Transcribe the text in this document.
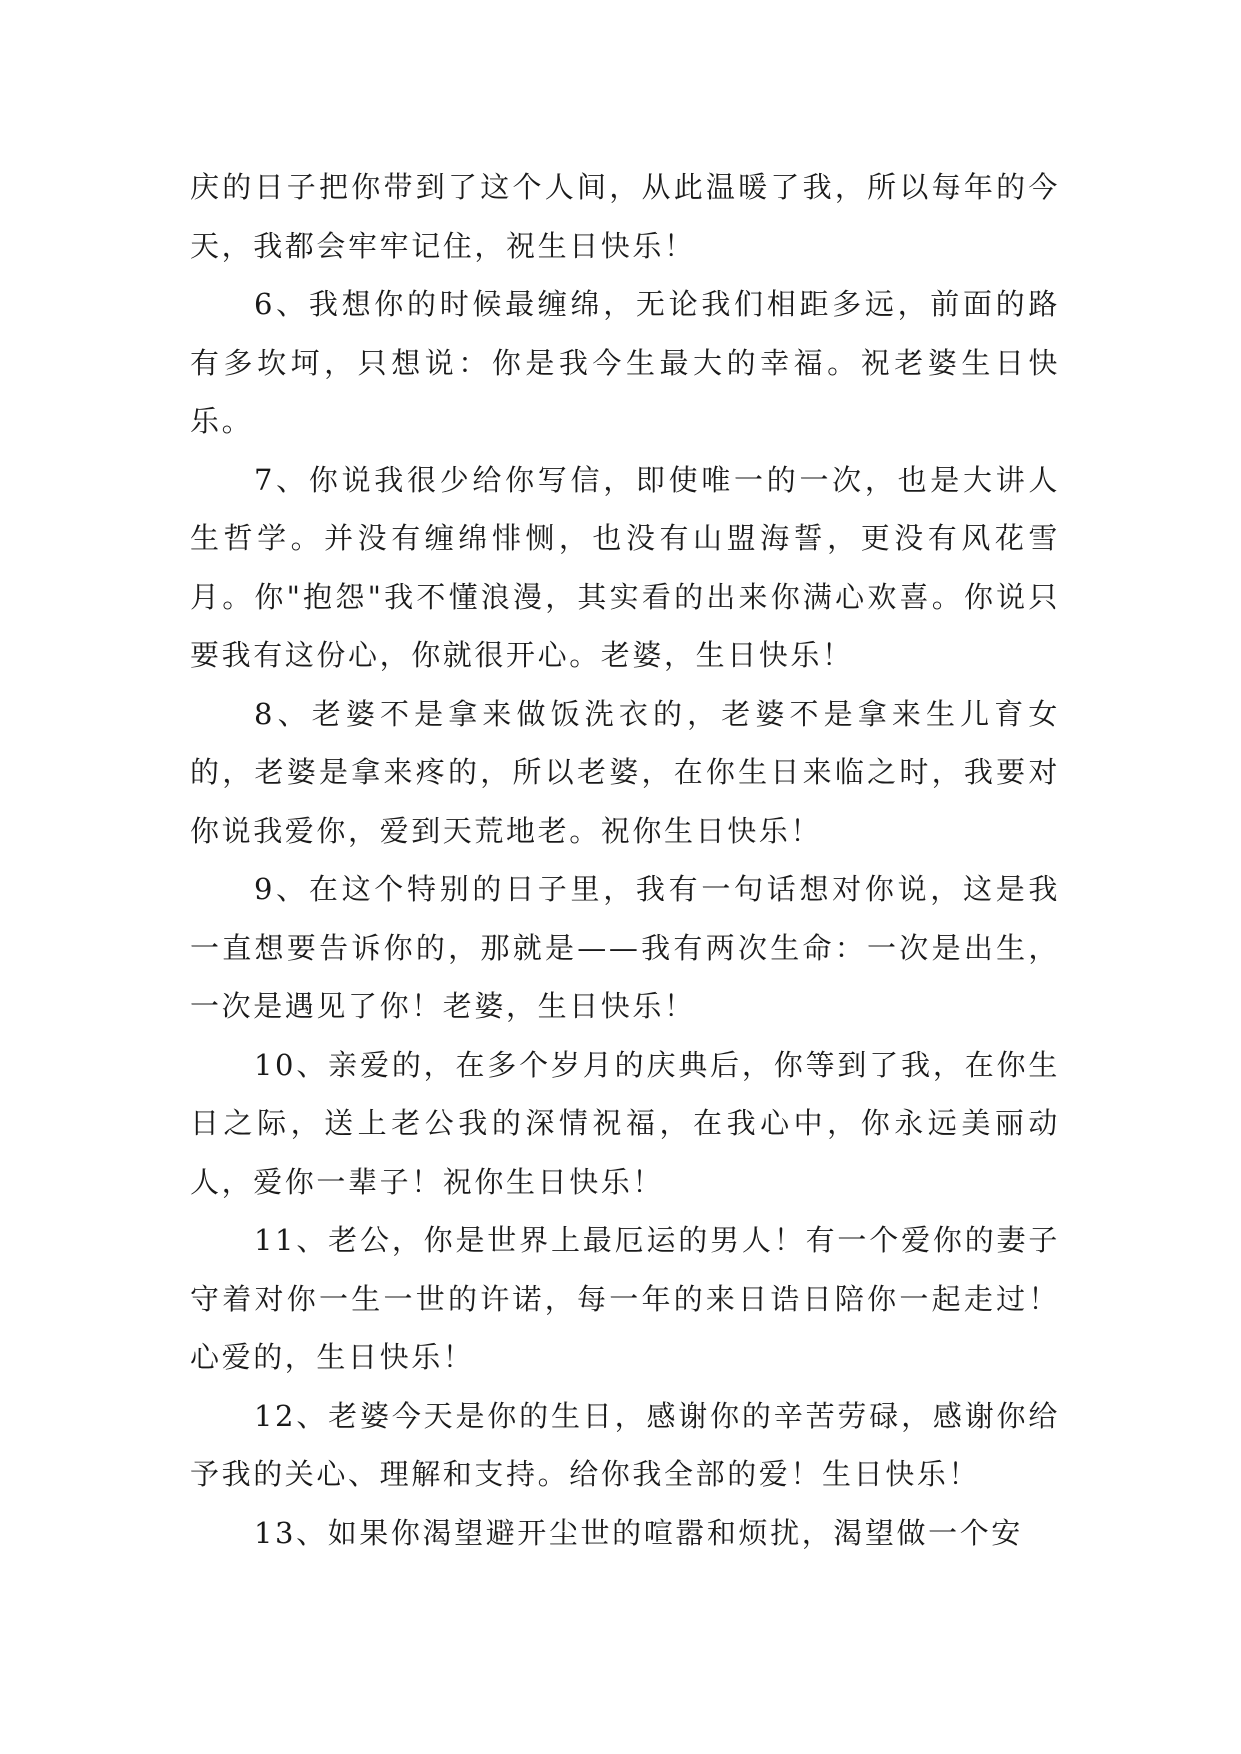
庆的日子把你带到了这个人间，从此温暖了我，所以每年的今天，我都会牢牢记住，祝生日快乐！

6、我想你的时候最缠绵，无论我们相距多远，前面的路有多坎坷，只想说：你是我今生最大的幸福。祝老婆生日快乐。

7、你说我很少给你写信，即使唯一的一次，也是大讲人生哲学。并没有缠绵悱恻，也没有山盟海誓，更没有风花雪月。你"抱怨"我不懂浪漫，其实看的出来你满心欢喜。你说只要我有这份心，你就很开心。老婆，生日快乐！

8、老婆不是拿来做饭洗衣的，老婆不是拿来生儿育女的，老婆是拿来疼的，所以老婆，在你生日来临之时，我要对你说我爱你，爱到天荒地老。祝你生日快乐！

9、在这个特别的日子里，我有一句话想对你说，这是我一直想要告诉你的，那就是——我有两次生命：一次是出生，一次是遇见了你！老婆，生日快乐！

10、亲爱的，在多个岁月的庆典后，你等到了我，在你生日之际，送上老公我的深情祝福，在我心中，你永远美丽动人，爱你一辈子！祝你生日快乐！

11、老公，你是世界上最厄运的男人！有一个爱你的妻子守着对你一生一世的许诺，每一年的来日诰日陪你一起走过！心爱的，生日快乐！

12、老婆今天是你的生日，感谢你的辛苦劳碌，感谢你给予我的关心、理解和支持。给你我全部的爱！生日快乐！

13、如果你渴望避开尘世的喧嚣和烦扰，渴望做一个安
